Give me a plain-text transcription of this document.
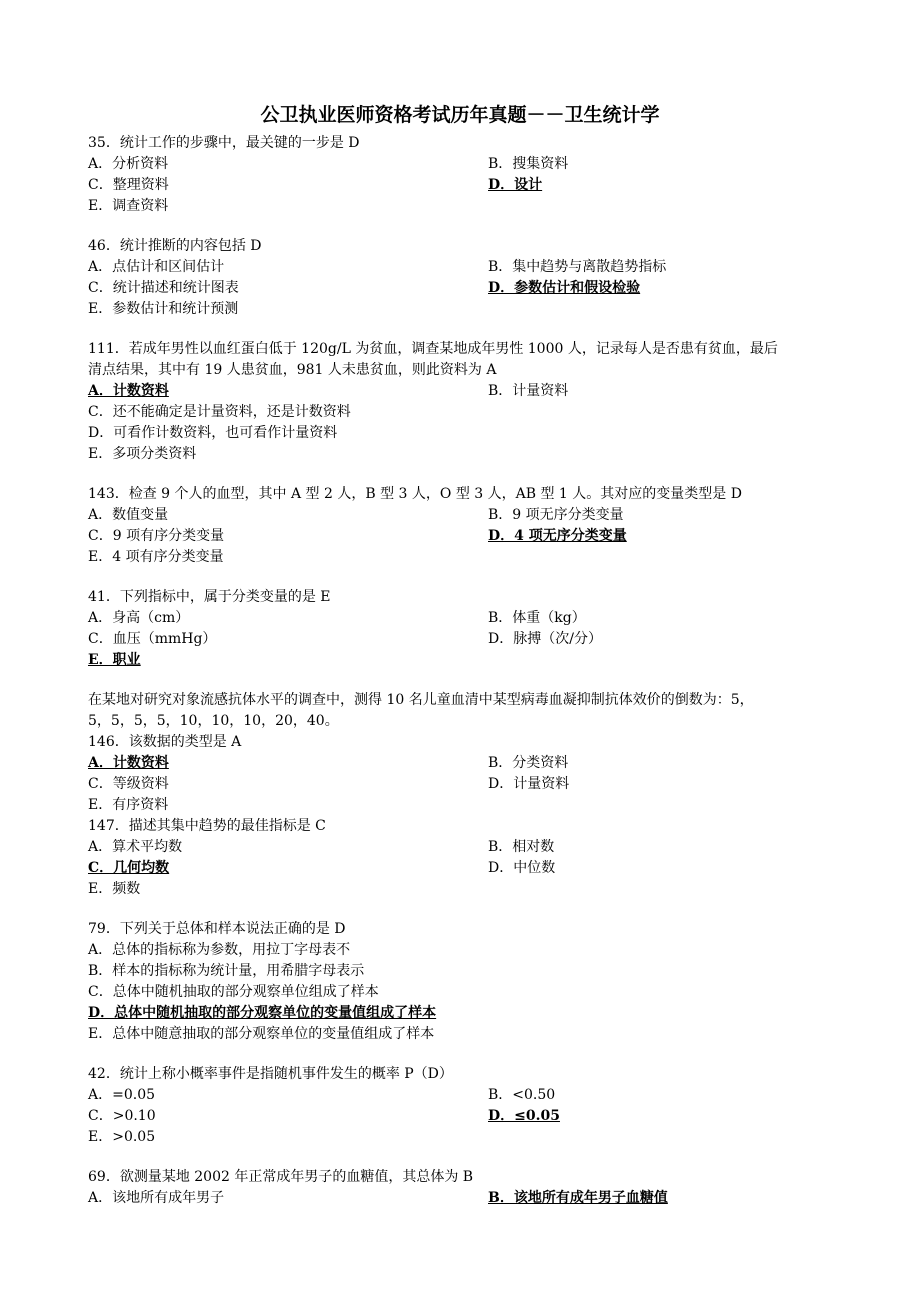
公卫执业医师资格考试历年真题－－卫生统计学
35．统计工作的步骤中，最关键的一步是 D
A．分析资料	B．搜集资料
C．整理资料	D．设计
E．调查资料
46．统计推断的内容包括 D
A．点估计和区间估计	B．集中趋势与离散趋势指标
C．统计描述和统计图表	D．参数估计和假设检验
E．参数估计和统计预测
111．若成年男性以血红蛋白低于 120g/L 为贫血，调查某地成年男性 1000 人，记录每人是否患有贫血，最后
清点结果，其中有 19 人患贫血，981 人未患贫血，则此资料为 A
A．计数资料	B．计量资料
C．还不能确定是计量资料，还是计数资料
D．可看作计数资料，也可看作计量资料
E．多项分类资料
143．检查 9 个人的血型，其中 A 型 2 人，B 型 3 人，O 型 3 人，AB 型 1 人。其对应的变量类型是 D
A．数值变量	B．9 项无序分类变量
C．9 项有序分类变量	D．4 项无序分类变量
E．4 项有序分类变量
41．下列指标中，属于分类变量的是 E
A．身高（cm）	B．体重（kg）
C．血压（mmHg）	D．脉搏（次/分）
E．职业
在某地对研究对象流感抗体水平的调查中，测得 10 名儿童血清中某型病毒血凝抑制抗体效价的倒数为：5，
5，5，5，5，10，10，10，20，40。
146．该数据的类型是 A
A．计数资料	B．分类资料
C．等级资料	D．计量资料
E．有序资料
147．描述其集中趋势的最佳指标是 C
A．算术平均数	B．相对数
C．几何均数	D．中位数
E．频数
79．下列关于总体和样本说法正确的是 D
A．总体的指标称为参数，用拉丁字母表不
B．样本的指标称为统计量，用希腊字母表示
C．总体中随机抽取的部分观察单位组成了样本
D．总体中随机抽取的部分观察单位的变量值组成了样本
E．总体中随意抽取的部分观察单位的变量值组成了样本
42．统计上称小概率事件是指随机事件发生的概率 P（D）
A．=0.05	B．<0.50
C．>0.10	D．≤0.05
E．>0.05
69．欲测量某地 2002 年正常成年男子的血糖值，其总体为 B
A．该地所有成年男子	B．该地所有成年男子血糖值
